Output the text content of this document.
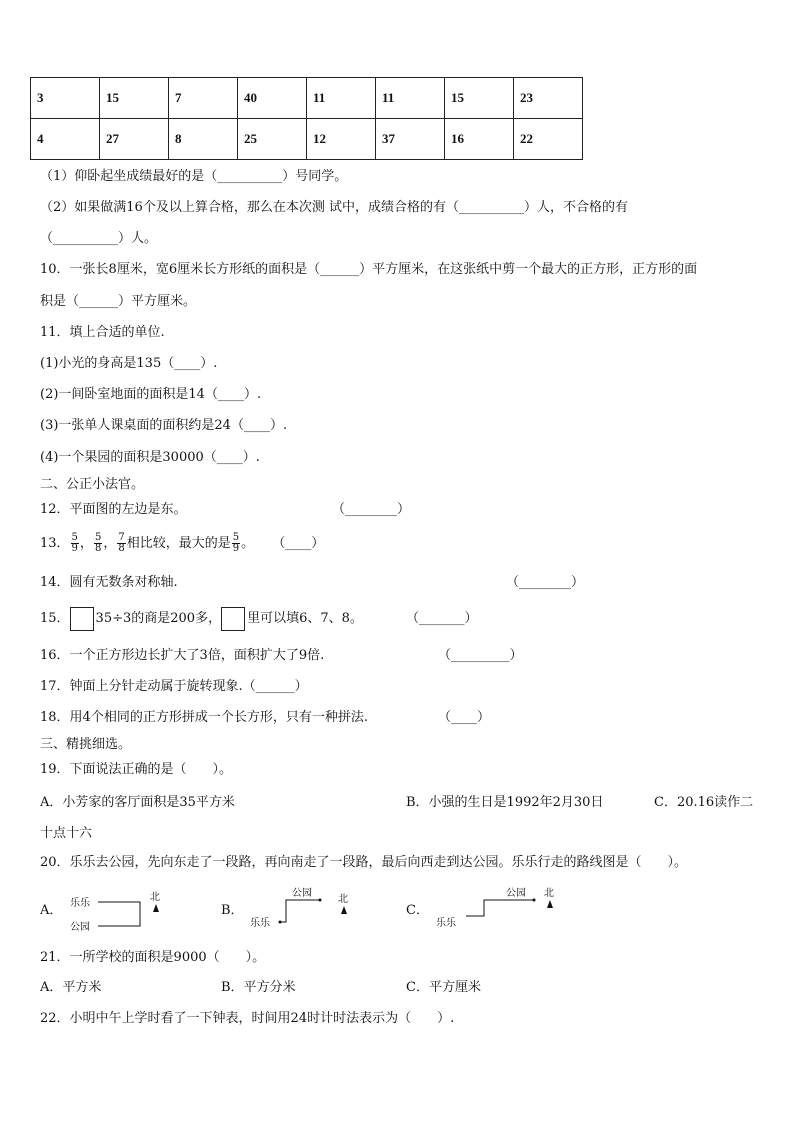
3	15	7	40	11	11	15	23
4	27	8	25	12	37	16	22
（1）仰卧起坐成绩最好的是（__________）号同学。
（2）如果做满16个及以上算合格，那么在本次测 试中，成绩合格的有（__________）人，不合格的有
（__________）人。
10．一张长8厘米，宽6厘米长方形纸的面积是（______）平方厘米，在这张纸中剪一个最大的正方形，正方形的面
积是（______）平方厘米。
11．填上合适的单位.
(1)小光的身高是135（____）.
(2)一间卧室地面的面积是14（____）.
(3)一张单人课桌面的面积约是24（____）.
(4)一个果园的面积是30000（____）.
二、公正小法官。
12．平面图的左边是东。	（________）
13． $\frac{5}{9}$ ， $\frac{5}{8}$ ， $\frac{7}{8}$ 相比较，最大的是 $\frac{5}{9}$ 。 （____）
14．圆有无数条对称轴.	（________）
15． 35÷3的商是200多， 里可以填6、7、8。	（_______）
16．一个正方形边长扩大了3倍，面积扩大了9倍.	（_________）
17．钟面上分针走动属于旋转现象.（______）
18．用4个相同的正方形拼成一个长方形，只有一种拼法.	（____）
三、精挑细选。
19．下面说法正确的是（　　）。
A．小芳家的客厅面积是35平方米	B．小强的生日是1992年2月30日	C．20.16读作二
十点十六
20．乐乐去公园，先向东走了一段路，再向南走了一段路，最后向西走到达公园。乐乐行走的路线图是（　　）。
A． 乐乐
公园
北
B．
公园
乐乐
北
C．
公园
乐乐
北
21．一所学校的面积是9000（　　）。
A．平方米	B．平方分米	C．平方厘米
22．小明中午上学时看了一下钟表，时间用24时计时法表示为（　　）.
